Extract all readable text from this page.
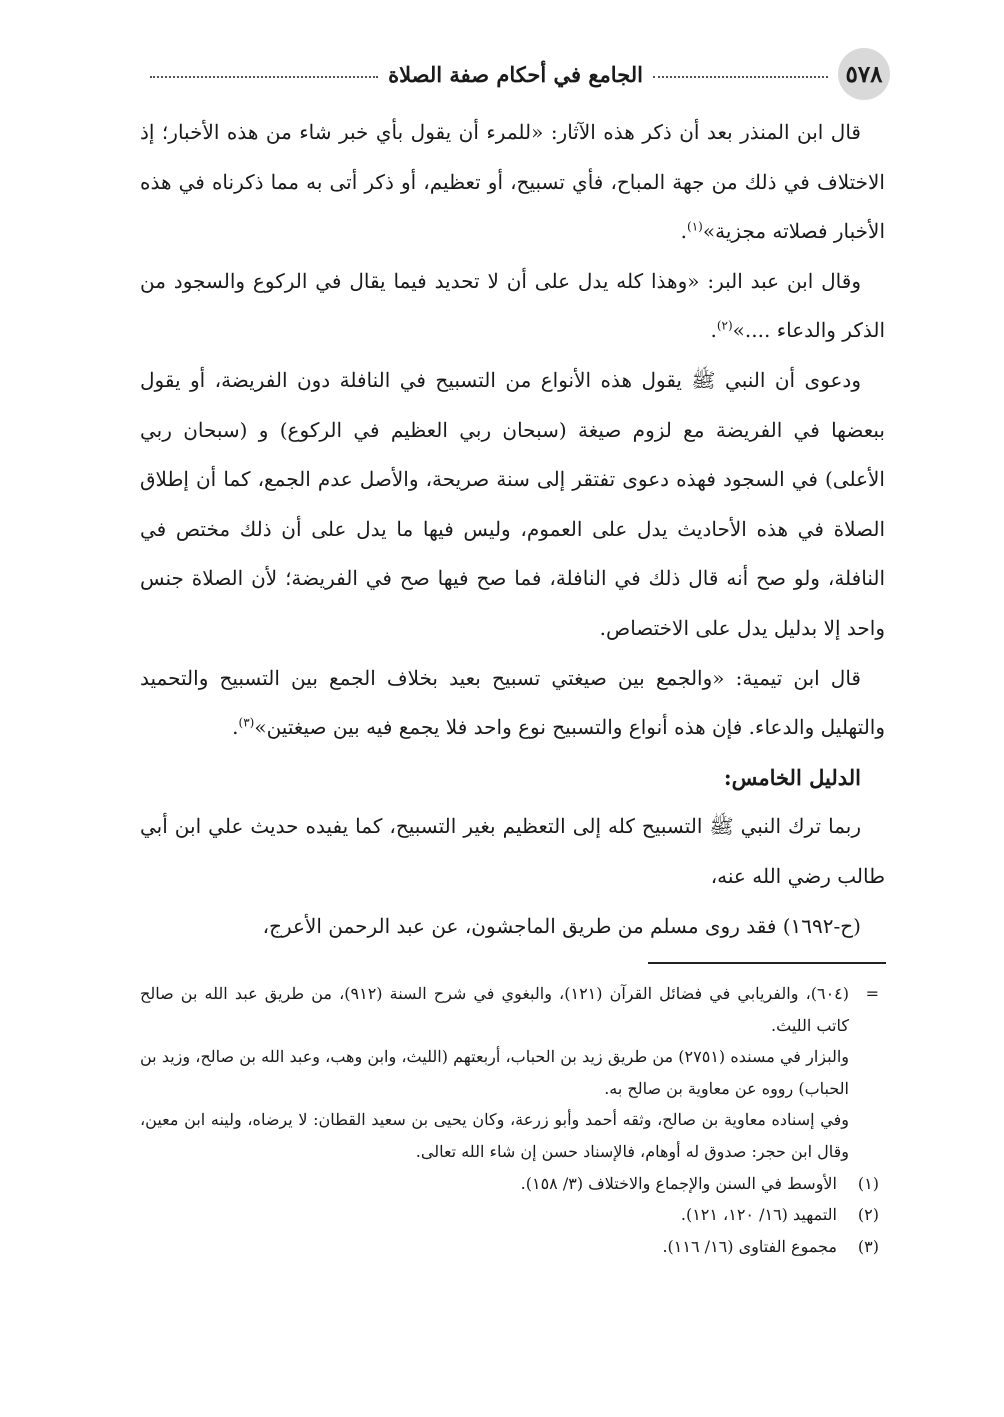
٥٧٨
الجامع في أحكام صفة الصلاة

قال ابن المنذر بعد أن ذكر هذه الآثار: «للمرء أن يقول بأي خبر شاء من هذه الأخبار؛ إذ الاختلاف في ذلك من جهة المباح، فأي تسبيح، أو تعظيم، أو ذكر أتى به مما ذكرناه في هذه الأخبار فصلاته مجزية»$^{(١)}$.

وقال ابن عبد البر: «وهذا كله يدل على أن لا تحديد فيما يقال في الركوع والسجود من الذكر والدعاء ....»$^{(٢)}$.

ودعوى أن النبي ﷺ يقول هذه الأنواع من التسبيح في النافلة دون الفريضة، أو يقول ببعضها في الفريضة مع لزوم صيغة (سبحان ربي العظيم في الركوع) و (سبحان ربي الأعلى) في السجود فهذه دعوى تفتقر إلى سنة صريحة، والأصل عدم الجمع، كما أن إطلاق الصلاة في هذه الأحاديث يدل على العموم، وليس فيها ما يدل على أن ذلك مختص في النافلة، ولو صح أنه قال ذلك في النافلة، فما صح فيها صح في الفريضة؛ لأن الصلاة جنس واحد إلا بدليل يدل على الاختصاص.

قال ابن تيمية: «والجمع بين صيغتي تسبيح بعيد بخلاف الجمع بين التسبيح والتحميد والتهليل والدعاء. فإن هذه أنواع والتسبيح نوع واحد فلا يجمع فيه بين صيغتين»$^{(٣)}$.

الدليل الخامس:

ربما ترك النبي ﷺ التسبيح كله إلى التعظيم بغير التسبيح، كما يفيده حديث علي ابن أبي طالب رضي الله عنه،

(ح-١٦٩٢) فقد روى مسلم من طريق الماجشون، عن عبد الرحمن الأعرج،

=
(٦٠٤)، والفريابي في فضائل القرآن (١٢١)، والبغوي في شرح السنة (٩١٢)، من طريق عبد الله بن صالح كاتب الليث.

والبزار في مسنده (٢٧٥١) من طريق زيد بن الحباب، أربعتهم (الليث، وابن وهب، وعبد الله بن صالح، وزيد بن الحباب) رووه عن معاوية بن صالح به.

وفي إسناده معاوية بن صالح، وثقه أحمد وأبو زرعة، وكان يحيى بن سعيد القطان: لا يرضاه، ولينه ابن معين، وقال ابن حجر: صدوق له أوهام، فالإسناد حسن إن شاء الله تعالى.

(١)
الأوسط في السنن والإجماع والاختلاف (٣/ ١٥٨).

(٢)
التمهيد (١٦/ ١٢٠، ١٢١).

(٣)
مجموع الفتاوى (١٦/ ١١٦).
